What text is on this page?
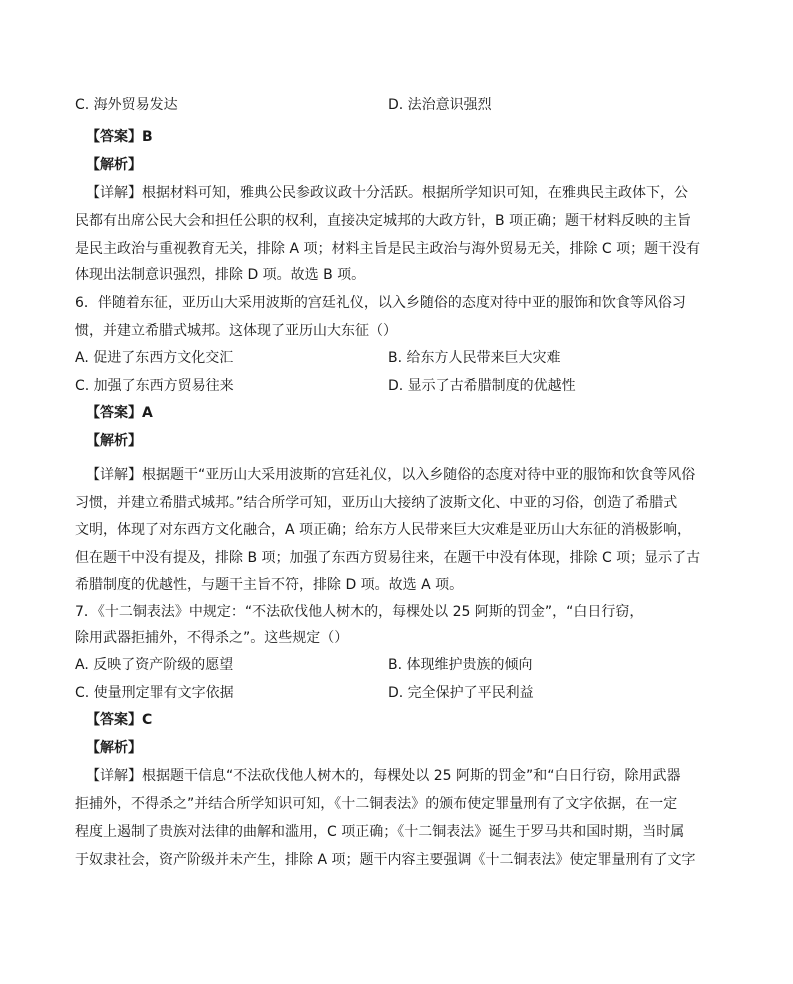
C. 海外贸易发达	D. 法治意识强烈
【答案】B
【解析】
【详解】根据材料可知，雅典公民参政议政十分活跃。根据所学知识可知，在雅典民主政体下，公
民都有出席公民大会和担任公职的权利，直接决定城邦的大政方针，B 项正确；题干材料反映的主旨
是民主政治与重视教育无关，排除 A 项；材料主旨是民主政治与海外贸易无关，排除 C 项；题干没有
体现出法制意识强烈，排除 D 项。故选 B 项。
6．伴随着东征，亚历山大采用波斯的宫廷礼仪，以入乡随俗的态度对待中亚的服饰和饮食等风俗习
惯，并建立希腊式城邦。这体现了亚历山大东征（）
A. 促进了东西方文化交汇	B. 给东方人民带来巨大灾难
C. 加强了东西方贸易往来	D. 显示了古希腊制度的优越性
【答案】A
【解析】
【详解】根据题干“亚历山大采用波斯的宫廷礼仪，以入乡随俗的态度对待中亚的服饰和饮食等风俗
习惯，并建立希腊式城邦。”结合所学可知，亚历山大接纳了波斯文化、中亚的习俗，创造了希腊式
文明，体现了对东西方文化融合，A 项正确；给东方人民带来巨大灾难是亚历山大东征的消极影响，
但在题干中没有提及，排除 B 项；加强了东西方贸易往来，在题干中没有体现，排除 C 项；显示了古
希腊制度的优越性，与题干主旨不符，排除 D 项。故选 A 项。
7．《十二铜表法》中规定：“不法砍伐他人树木的，每棵处以 25 阿斯的罚金”，“白日行窃，
除用武器拒捕外，不得杀之”。这些规定（）
A. 反映了资产阶级的愿望	B. 体现维护贵族的倾向
C. 使量刑定罪有文字依据	D. 完全保护了平民利益
【答案】C
【解析】
【详解】根据题干信息“不法砍伐他人树木的，每棵处以 25 阿斯的罚金”和“白日行窃，除用武器
拒捕外，不得杀之”并结合所学知识可知，《十二铜表法》的颁布使定罪量刑有了文字依据，在一定
程度上遏制了贵族对法律的曲解和滥用，C 项正确；《十二铜表法》诞生于罗马共和国时期，当时属
于奴隶社会，资产阶级并未产生，排除 A 项；题干内容主要强调《十二铜表法》使定罪量刑有了文字
